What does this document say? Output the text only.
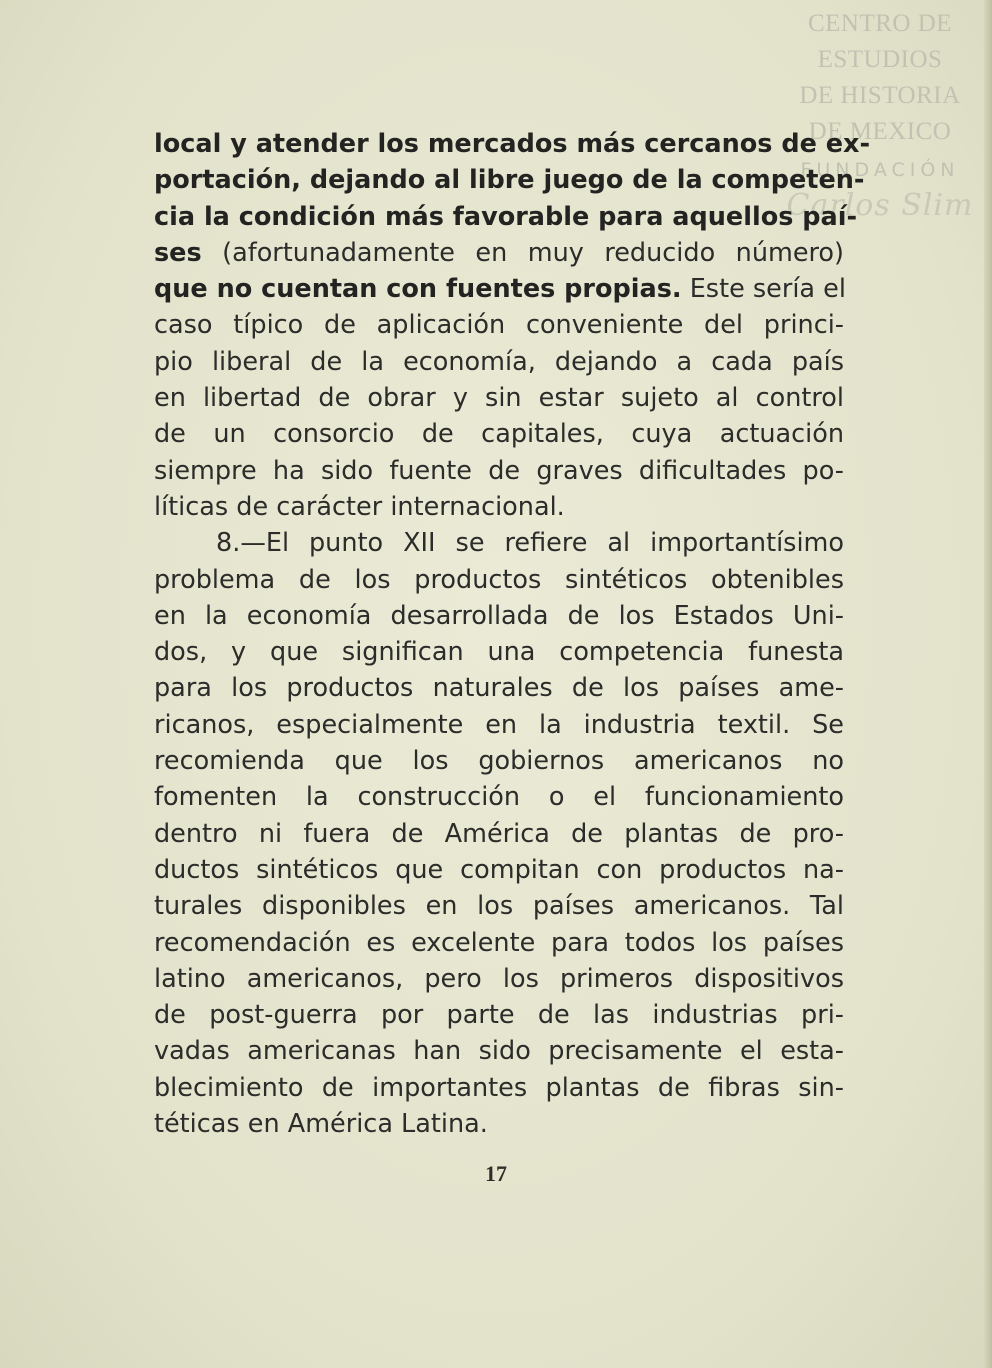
CENTRO DE
ESTUDIOS
DE HISTORIA
DE MEXICO
FUNDACIÓN
Carlos Slim
local y atender los mercados más cercanos de ex-
portación, dejando al libre juego de la competen-
cia la condición más favorable para aquellos paí-
ses (afortunadamente en muy reducido número)
que no cuentan con fuentes propias. Este sería el
caso típico de aplicación conveniente del princi-
pio liberal de la economía, dejando a cada país
en libertad de obrar y sin estar sujeto al control
de un consorcio de capitales, cuya actuación
siempre ha sido fuente de graves dificultades po-
líticas de carácter internacional.
8.—El punto XII se refiere al importantísimo
problema de los productos sintéticos obtenibles
en la economía desarrollada de los Estados Uni-
dos, y que significan una competencia funesta
para los productos naturales de los países ame-
ricanos, especialmente en la industria textil. Se
recomienda que los gobiernos americanos no
fomenten la construcción o el funcionamiento
dentro ni fuera de América de plantas de pro-
ductos sintéticos que compitan con productos na-
turales disponibles en los países americanos. Tal
recomendación es excelente para todos los países
latino americanos, pero los primeros dispositivos
de post-guerra por parte de las industrias pri-
vadas americanas han sido precisamente el esta-
blecimiento de importantes plantas de fibras sin-
téticas en América Latina.
17
